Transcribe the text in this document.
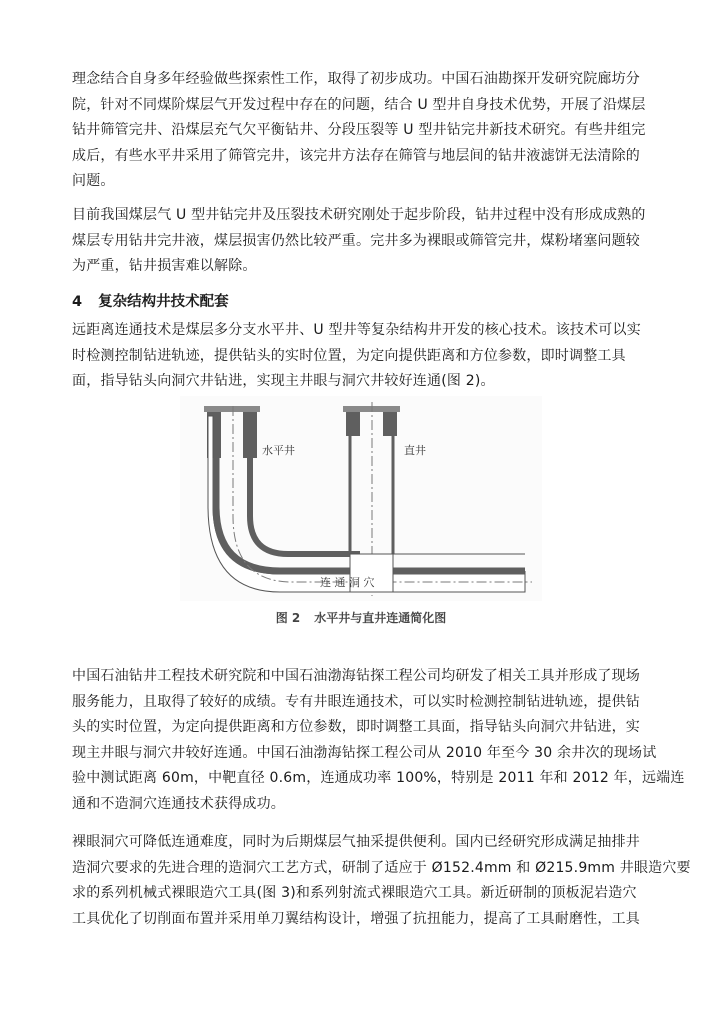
理念结合自身多年经验做些探索性工作，取得了初步成功。中国石油勘探开发研究院廊坊分
院，针对不同煤阶煤层气开发过程中存在的问题，结合 U 型井自身技术优势，开展了沿煤层
钻井筛管完井、沿煤层充气欠平衡钻井、分段压裂等 U 型井钻完井新技术研究。有些井组完
成后，有些水平井采用了筛管完井，该完井方法存在筛管与地层间的钻井液滤饼无法清除的
问题。

目前我国煤层气 U 型井钻完井及压裂技术研究刚处于起步阶段，钻井过程中没有形成成熟的
煤层专用钻井完井液，煤层损害仍然比较严重。完井多为裸眼或筛管完井，煤粉堵塞问题较
为严重，钻井损害难以解除。

4 复杂结构井技术配套

远距离连通技术是煤层多分支水平井、U 型井等复杂结构井开发的核心技术。该技术可以实
时检测控制钻进轨迹，提供钻头的实时位置，为定向提供距离和方位参数，即时调整工具
面，指导钻头向洞穴井钻进，实现主井眼与洞穴井较好连通(图 2)。

水平井	直井
连 通 洞 穴
图 2 水平井与直井连通简化图

中国石油钻井工程技术研究院和中国石油渤海钻探工程公司均研发了相关工具并形成了现场
服务能力，且取得了较好的成绩。专有井眼连通技术，可以实时检测控制钻进轨迹，提供钻
头的实时位置，为定向提供距离和方位参数，即时调整工具面，指导钻头向洞穴井钻进，实
现主井眼与洞穴井较好连通。中国石油渤海钻探工程公司从 2010 年至今 30 余井次的现场试
验中测试距离 60m，中靶直径 0.6m，连通成功率 100%，特别是 2011 年和 2012 年，远端连
通和不造洞穴连通技术获得成功。

裸眼洞穴可降低连通难度，同时为后期煤层气抽采提供便利。国内已经研究形成满足抽排井
造洞穴要求的先进合理的造洞穴工艺方式，研制了适应于 Ø152.4mm 和 Ø215.9mm 井眼造穴要
求的系列机械式裸眼造穴工具(图 3)和系列射流式裸眼造穴工具。新近研制的顶板泥岩造穴
工具优化了切削面布置并采用单刀翼结构设计，增强了抗扭能力，提高了工具耐磨性，工具
